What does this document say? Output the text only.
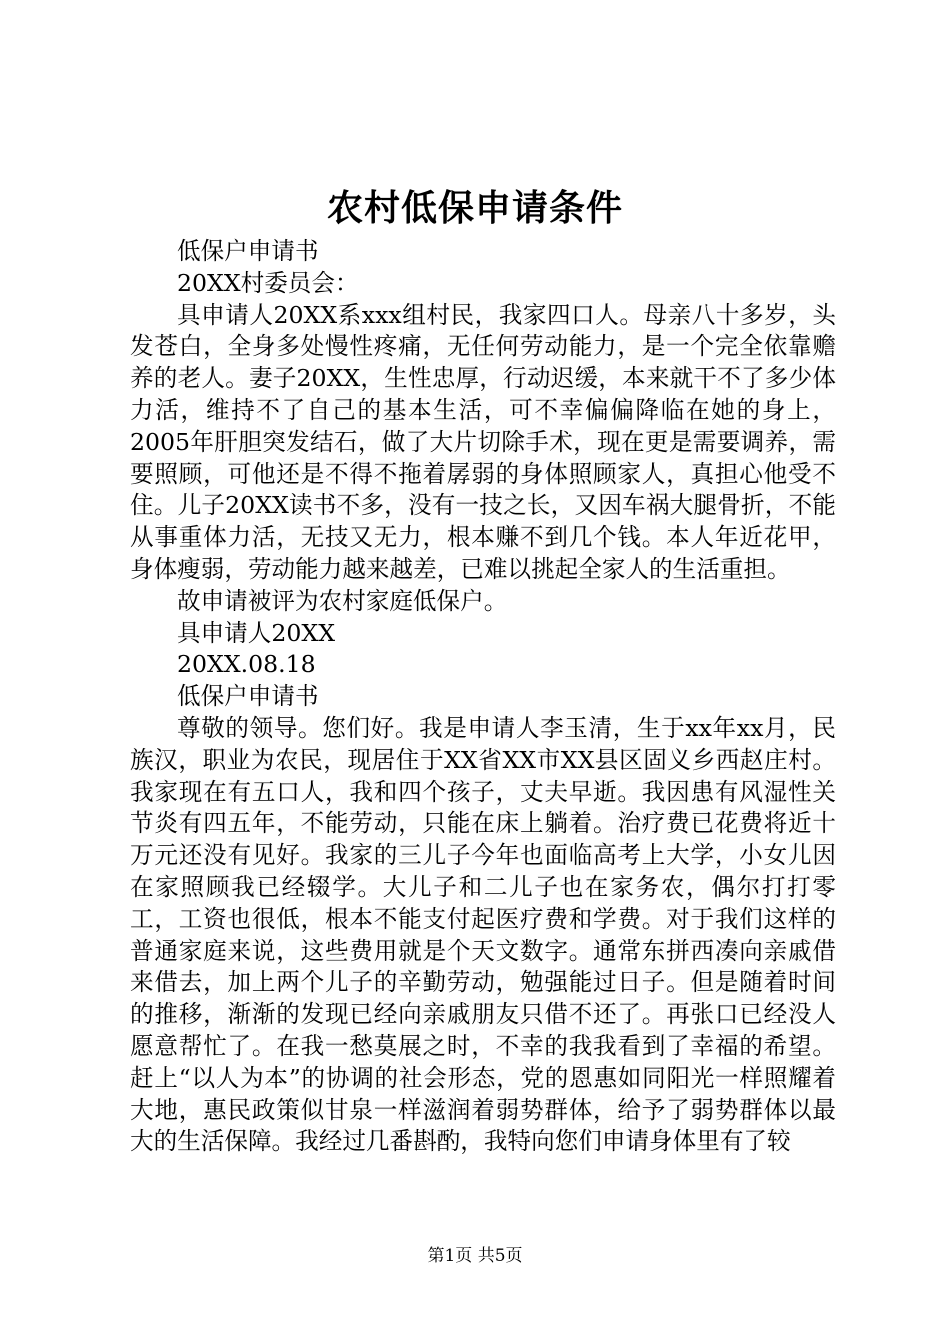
农村低保申请条件

低保户申请书

20XX村委员会：

具申请人20XX系xxx组村民，我家四口人。母亲八十多岁，头发苍白，全身多处慢性疼痛，无任何劳动能力，是一个完全依靠赡养的老人。妻子20XX，生性忠厚，行动迟缓，本来就干不了多少体力活，维持不了自己的基本生活，可不幸偏偏降临在她的身上，2005年肝胆突发结石，做了大片切除手术，现在更是需要调养，需要照顾，可他还是不得不拖着孱弱的身体照顾家人，真担心他受不住。儿子20XX读书不多，没有一技之长，又因车祸大腿骨折，不能从事重体力活，无技又无力，根本赚不到几个钱。本人年近花甲，身体瘦弱，劳动能力越来越差，已难以挑起全家人的生活重担。

故申请被评为农村家庭低保户。

具申请人20XX

20XX.08.18

低保户申请书

尊敬的领导。您们好。我是申请人李玉清，生于xx年xx月，民族汉，职业为农民，现居住于XX省XX市XX县区固义乡西赵庄村。我家现在有五口人，我和四个孩子，丈夫早逝。我因患有风湿性关节炎有四五年，不能劳动，只能在床上躺着。治疗费已花费将近十万元还没有见好。我家的三儿子今年也面临高考上大学，小女儿因在家照顾我已经辍学。大儿子和二儿子也在家务农，偶尔打打零工，工资也很低，根本不能支付起医疗费和学费。对于我们这样的普通家庭来说，这些费用就是个天文数字。通常东拼西凑向亲戚借来借去，加上两个儿子的辛勤劳动，勉强能过日子。但是随着时间的推移，渐渐的发现已经向亲戚朋友只借不还了。再张口已经没人愿意帮忙了。在我一愁莫展之时，不幸的我我看到了幸福的希望。赶上“以人为本”的协调的社会形态，党的恩惠如同阳光一样照耀着大地，惠民政策似甘泉一样滋润着弱势群体，给予了弱势群体以最大的生活保障。我经过几番斟酌，我特向您们申请身体里有了较

第1页 共5页
